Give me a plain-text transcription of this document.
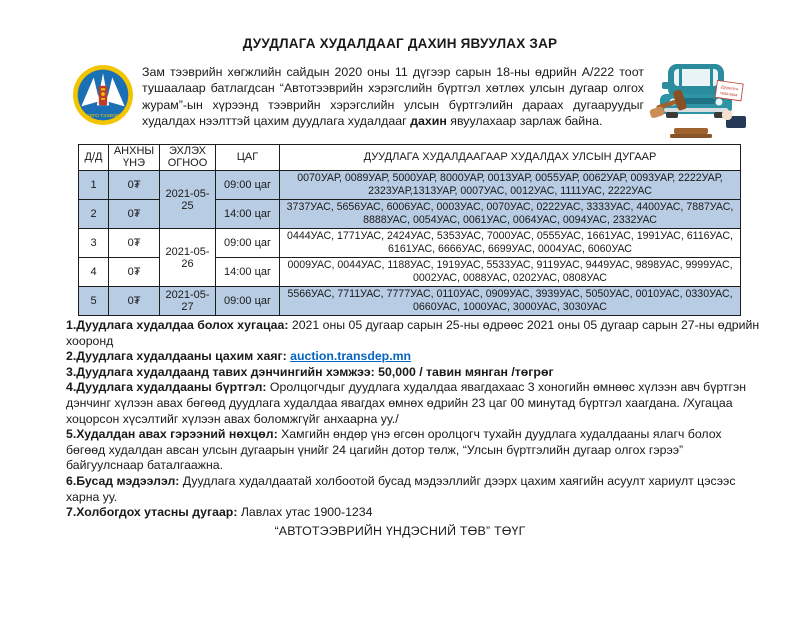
ДУУДЛАГА ХУДАЛДААГ ДАХИН ЯВУУЛАХ ЗАР
АВТО ТЭЭВЭР
Зам тээврийн хөгжлийн сайдын 2020 оны 11 дүгээр сарын 18-ны өдрийн А/222 тоот тушаалаар батлагдсан “Автотээврийн хэрэгслийн бүртгэл хөтлөх улсын дугаар олгох журам”-ын хүрээнд тээврийн хэрэгслийн улсын бүртгэлийн дараах дугааруудыг худалдах нээлттэй цахим дуудлага худалдааг дахин явуулахаар зарлаж байна.
Дуудлага
худалдаа
Д/Д	АНХНЫ ҮНЭ	ЭХЛЭХ ОГНОО	ЦАГ	ДУУДЛАГА ХУДАЛДААГААР ХУДАЛДАХ УЛСЫН ДУГААР
1	0₮	2021-05-25	09:00 цаг	0070УАР, 0089УАР, 5000УАР, 8000УАР, 0013УАР, 0055УАР, 0062УАР, 0093УАР, 2222УАР, 2323УАР,1313УАР, 0007УАС, 0012УАС, 1111УАС, 2222УАС
2	0₮		14:00 цаг	3737УАС, 5656УАС, 6006УАС, 0003УАС, 0070УАС, 0222УАС, 3333УАС, 4400УАС, 7887УАС, 8888УАС, 0054УАС, 0061УАС, 0064УАС, 0094УАС, 2332УАС
3	0₮	2021-05-26	09:00 цаг	0444УАС, 1771УАС, 2424УАС, 5353УАС, 7000УАС, 0555УАС, 1661УАС, 1991УАС, 6116УАС, 6161УАС, 6666УАС, 6699УАС, 0004УАС, 6060УАС
4	0₮		14:00 цаг	0009УАС, 0044УАС, 1188УАС, 1919УАС, 5533УАС, 9119УАС, 9449УАС, 9898УАС, 9999УАС, 0002УАС, 0088УАС, 0202УАС, 0808УАС
5	0₮	2021-05-27	09:00 цаг	5566УАС, 7711УАС, 7777УАС, 0110УАС, 0909УАС, 3939УАС, 5050УАС, 0010УАС, 0330УАС, 0660УАС, 1000УАС, 3000УАС, 3030УАС
1.Дуудлага худалдаа болох хугацаа: 2021 оны 05 дугаар сарын 25-ны өдрөөс 2021 оны 05 дугаар сарын 27-ны өдрийн хооронд
2.Дуудлага худалдааны цахим хаяг: auction.transdep.mn
3.Дуудлага худалдаанд тавих дэнчингийн хэмжээ: 50,000 / тавин мянган /төгрөг
4.Дуудлага худалдааны бүртгэл: Оролцогчдыг дуудлага худалдаа явагдахаас 3 хоногийн өмнөөс хүлээн авч бүртгэн дэнчинг хүлээн авах бөгөөд дуудлага худалдаа явагдах өмнөх өдрийн 23 цаг 00 минутад бүртгэл хаагдана. /Хугацаа хоцорсон хүсэлтийг хүлээн авах боломжгүйг анхаарна уу./
5.Худалдан авах гэрээний нөхцөл: Хамгийн өндөр үнэ өгсөн оролцогч тухайн дуудлага худалдааны ялагч болох бөгөөд худалдан авсан улсын дугаарын үнийг 24 цагийн дотор төлж, “Улсын бүртгэлийн дугаар олгох гэрээ” байгуулснаар баталгаажна.
6.Бусад мэдээлэл: Дуудлага худалдаатай холбоотой бусад мэдээллийг дээрх цахим хаягийн асуулт хариулт цэсээс харна уу.
7.Холбогдох утасны дугаар: Лавлах утас 1900-1234
“АВТОТЭЭВРИЙН ҮНДЭСНИЙ ТӨВ” ТӨҮГ
